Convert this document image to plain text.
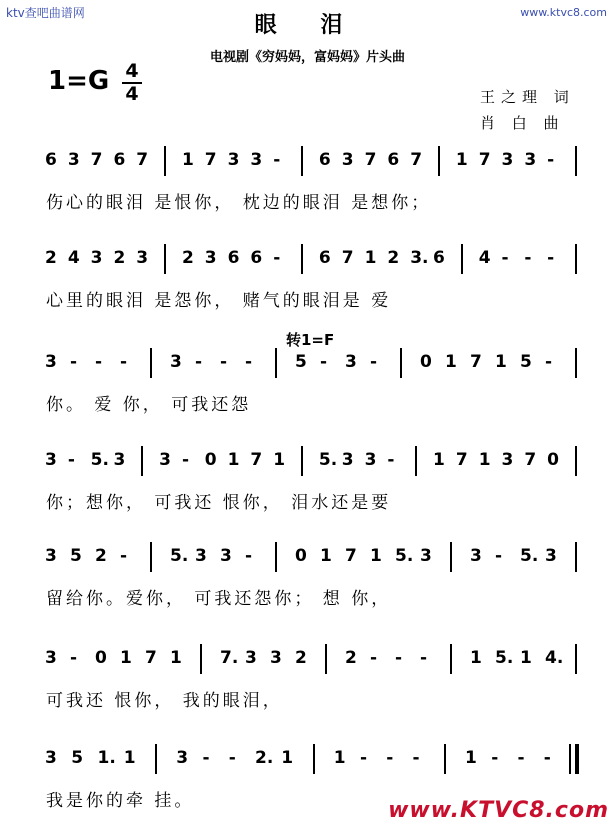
ktv查吧曲谱网	www.ktvc8.com
www.KTVC8.com
眼 泪
电视剧《穷妈妈，富妈妈》片头曲
1=G 4
4	王之理 词
肖 白 曲
转1=F
6 3 7 6 7 1 7 3 3 - 6 3 7 6 7 1 7 3 3 -
伤心的眼泪 是恨你， 枕边的眼泪 是想你；
2 4 3 2 3 2 3 6 6 - 6 7 1 2 3. 6 4 - - -
心里的眼泪 是怨你， 赌气的眼泪是 爱
3 - - -	3 - - -	5 - 3 -	0 1 7 1 5 -
你。 爱 你， 可我还怨
3 - 5. 3 3 - 0 1 7 1 5. 3 3 - 1 7 1 3 7 0
你；想你， 可我还 恨你， 泪水还是要
3 5 2 -	5. 3 3 -	0 1 7 1 5. 3 3 - 5. 3
留给你。爱你， 可我还怨你； 想 你，
3 - 0 1 7 1 7. 3 3 2 2 - - -	1 5. 1 4.
可我还 恨你， 我的眼泪，
3 5 1. 1 3 - - 2. 1 1 - - -	1 - - -
我是你的牵 挂。
